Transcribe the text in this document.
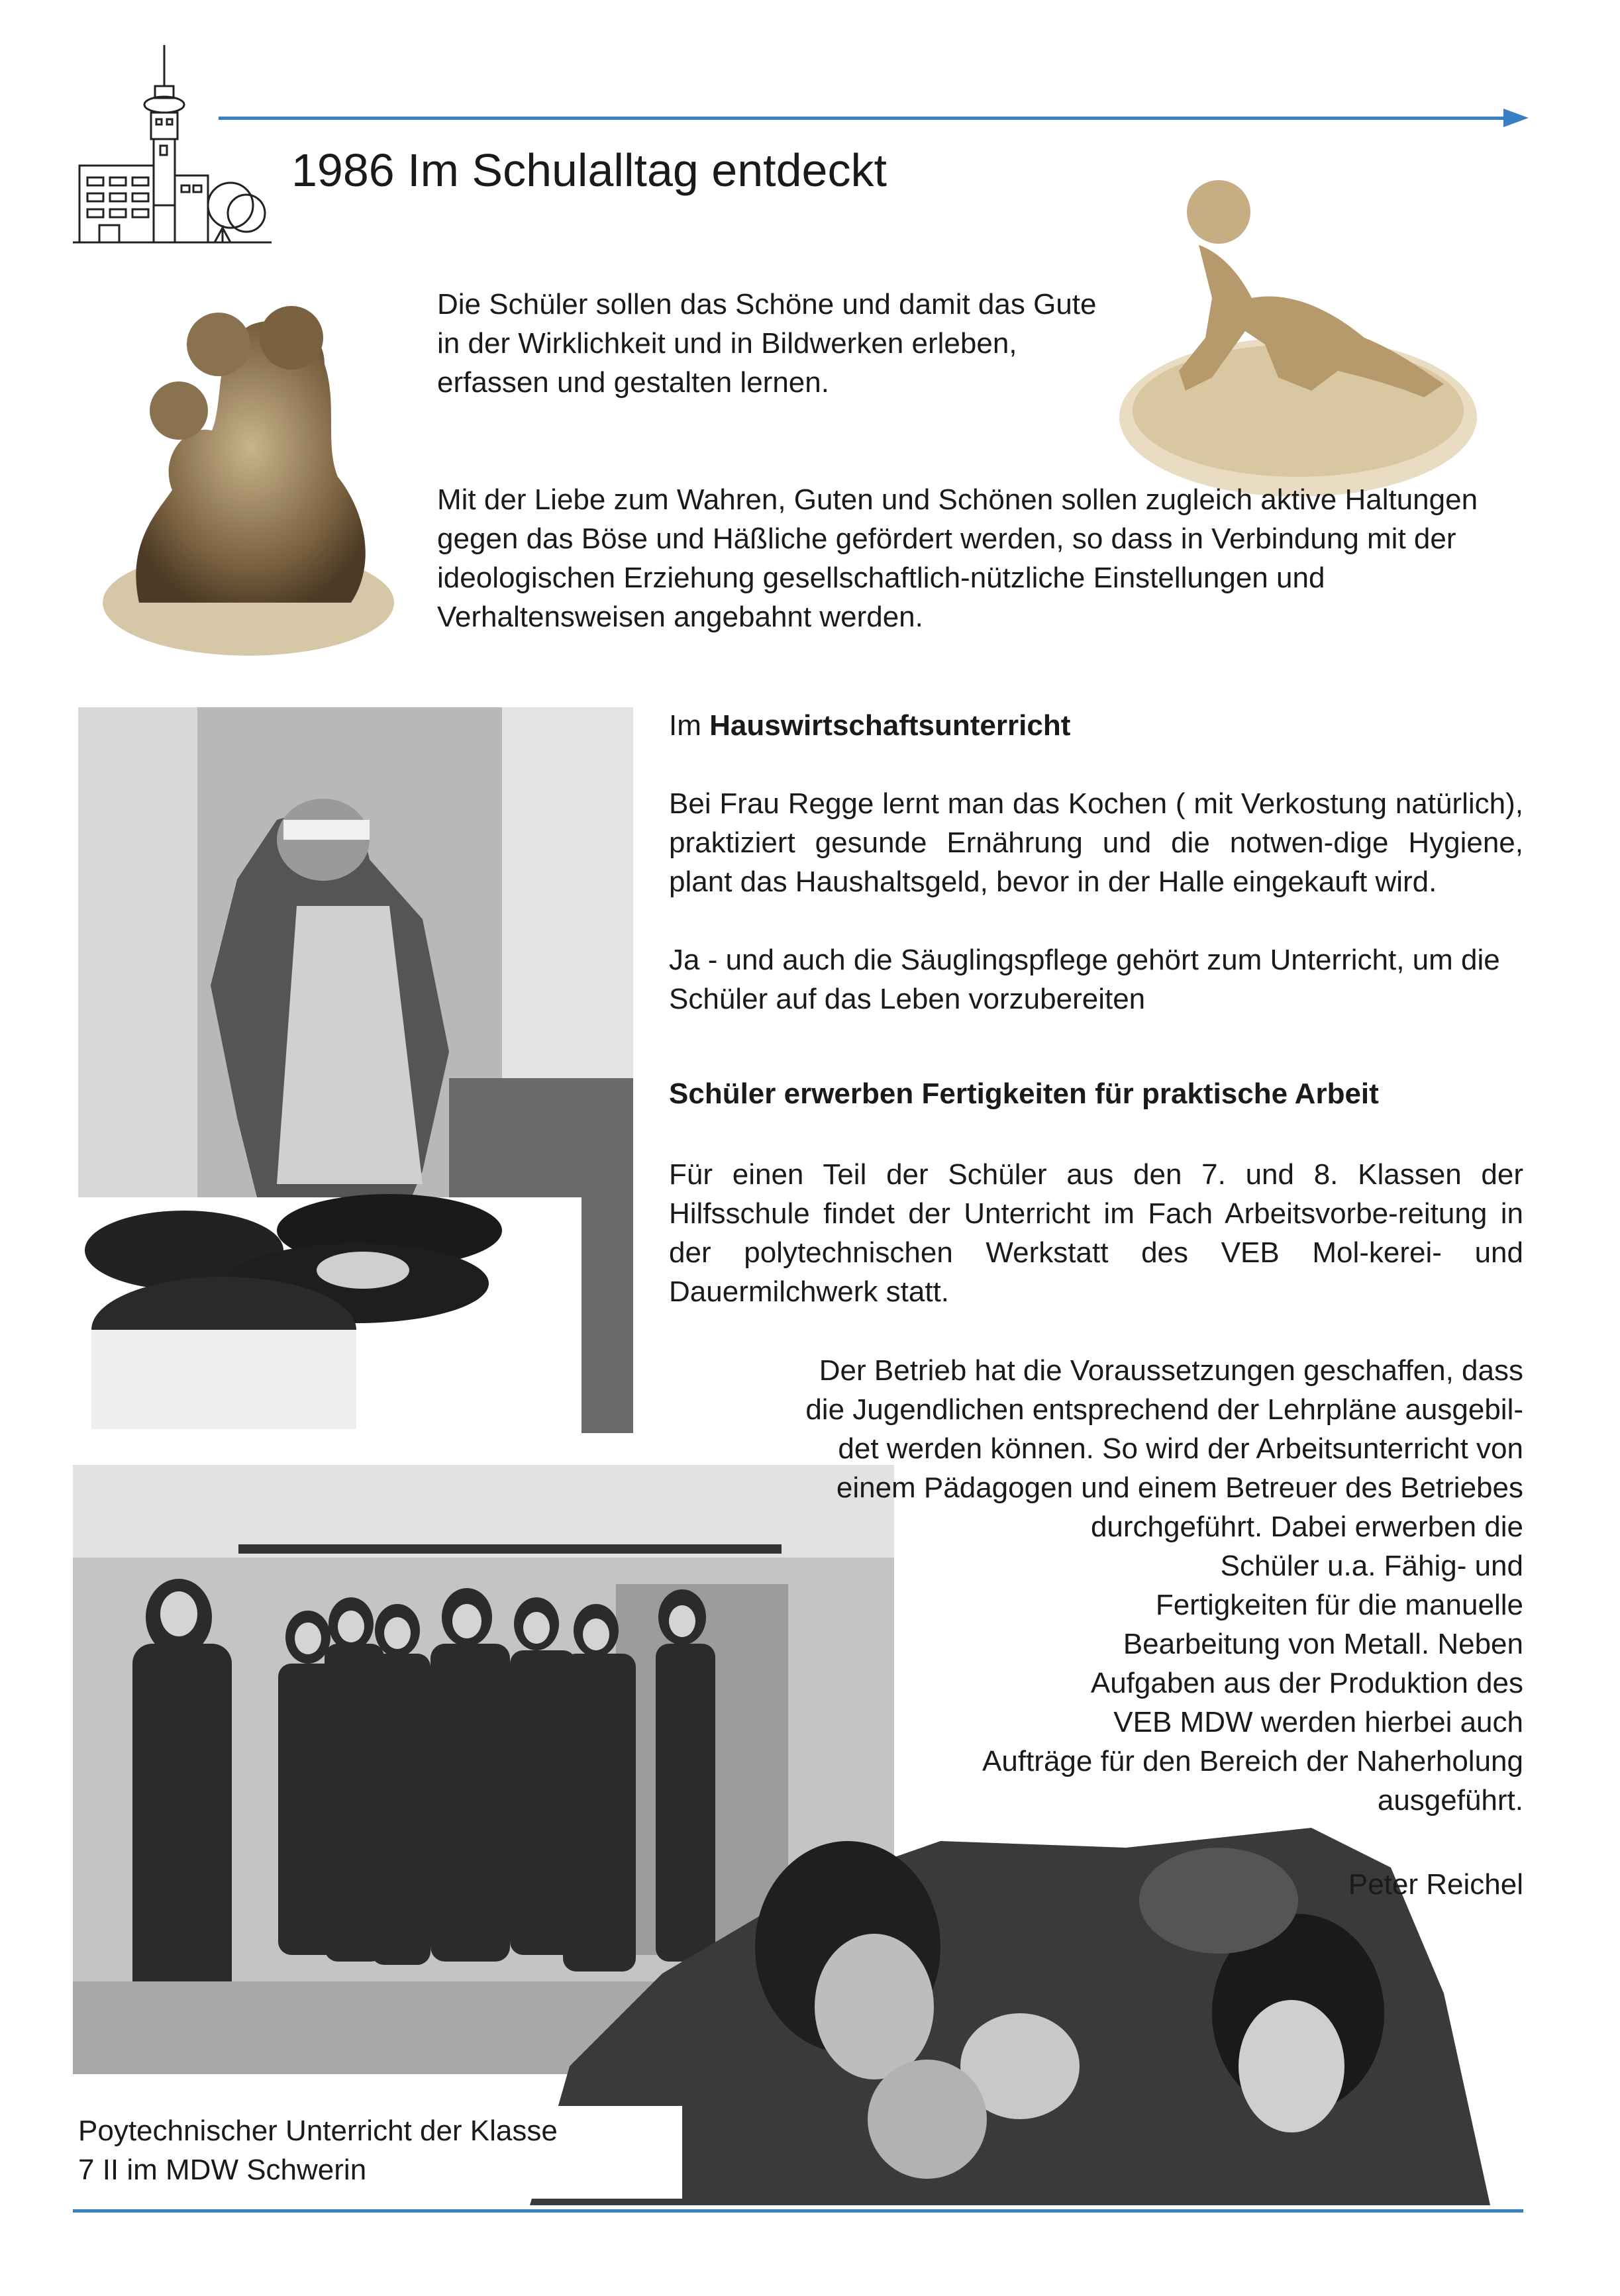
1986 Im Schulalltag entdeckt
Die Schüler sollen das Schöne und damit das Gute in der Wirklichkeit und in Bildwerken erleben, erfassen und gestalten lernen.
Mit der Liebe zum Wahren, Guten und Schönen sollen zugleich aktive Haltungen gegen das Böse und Häßliche gefördert werden, so dass in Verbindung mit der ideologischen Erziehung gesellschaftlich-nützliche Einstellungen und Verhaltensweisen angebahnt werden.
Im Hauswirtschaftsunterricht
Bei Frau Regge lernt man das Kochen ( mit Verkostung natürlich), praktiziert gesunde Ernährung und die notwen-dige Hygiene, plant das Haushaltsgeld, bevor in der Halle eingekauft wird.
Ja - und auch die Säuglingspflege gehört zum Unterricht, um die Schüler auf das Leben vorzubereiten
Schüler erwerben Fertigkeiten für praktische Arbeit
Für einen Teil der Schüler aus den 7. und 8. Klassen der Hilfsschule findet der Unterricht im Fach Arbeitsvorbe-reitung in der polytechnischen Werkstatt des VEB Mol-kerei- und Dauermilchwerk statt.
Der Betrieb hat die Voraussetzungen geschaffen, dass
die Jugendlichen entsprechend der Lehrpläne ausgebil-
det werden können. So wird der Arbeitsunterricht von
einem Pädagogen und einem Betreuer des Betriebes
durchgeführt. Dabei erwerben die
Schüler u.a. Fähig- und
Fertigkeiten für die manuelle
Bearbeitung von Metall. Neben
Aufgaben aus der Produktion des
VEB MDW werden hierbei auch
Aufträge für den Bereich der Naherholung
ausgeführt.
Peter Reichel
Poytechnischer Unterricht der Klasse
7 II im MDW Schwerin
